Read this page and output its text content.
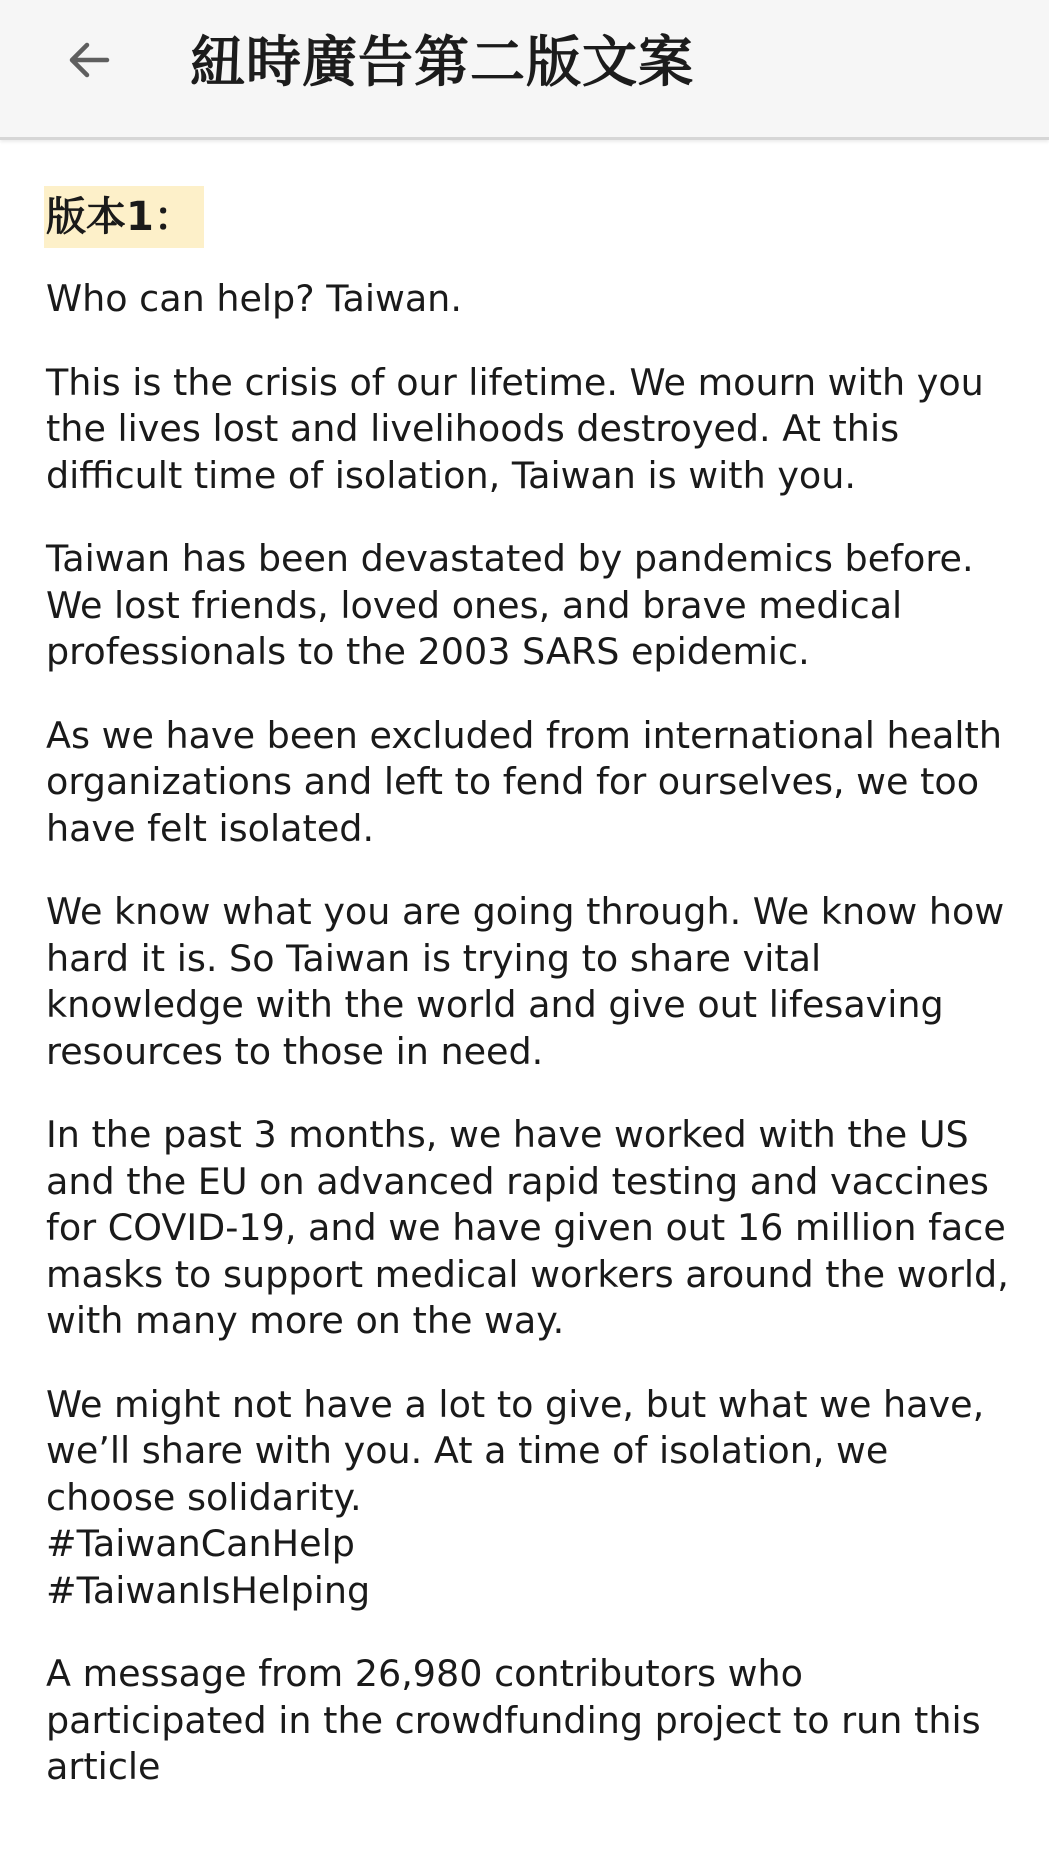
紐時廣告第二版文案
版本1：

Who can help? Taiwan.

This is the crisis of our lifetime. We mourn with you
the lives lost and livelihoods destroyed. At this
difficult time of isolation, Taiwan is with you.

Taiwan has been devastated by pandemics before.
We lost friends, loved ones, and brave medical
professionals to the 2003 SARS epidemic.

As we have been excluded from international health
organizations and left to fend for ourselves, we too
have felt isolated.

We know what you are going through. We know how
hard it is. So Taiwan is trying to share vital
knowledge with the world and give out lifesaving
resources to those in need.

In the past 3 months, we have worked with the US
and the EU on advanced rapid testing and vaccines
for COVID-19, and we have given out 16 million face
masks to support medical workers around the world,
with many more on the way.

We might not have a lot to give, but what we have,
we’ll share with you. At a time of isolation, we
choose solidarity.
#TaiwanCanHelp
#TaiwanIsHelping

A message from 26,980 contributors who
participated in the crowdfunding project to run this
article
